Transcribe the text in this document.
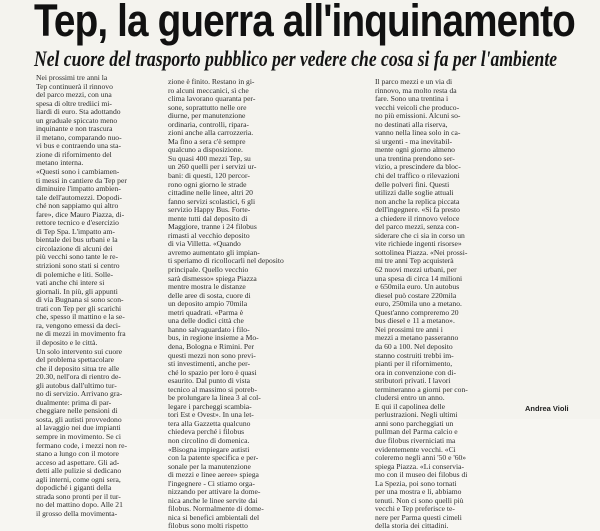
Tep, la guerra all'inquinamento
Nel cuore del trasporto pubblico per vedere che cosa si fa per l'ambiente
Nei prossimi tre anni la
Tep continuerà il rinnovo
del parco mezzi, con una
spesa di oltre trediici mi-
liardi di euro. Sta adottando
un graduale spiccato meno
inquinante e non trascura
il metano, comparando nuo-
vi bus e contraendo una sta-
zione di rifornimento del
metano interna.
«Questi sono i cambiamen-
ti messi in cantiere da Tep per
diminuire l'impatto ambien-
tale dell'automezzi. Dopodi-
ché non sappiamo qui altro
fare», dice Mauro Piazza, di-
rettore tecnico e d'esercizio
di Tep Spa. L'impatto am-
bientale dei bus urbani e la
circolazione di alcuni dei
più vecchi sono tante le re-
strizioni sono stati si centro
di polemiche e liti. Solle-
vati anche chi intere si
giornali. In più, gli appunti
di via Bugnana si sono scon-
trati con Tep per gli scarichi
che, spesso il mattino e la se-
ra, vengono emessi da deci-
ne di mezzi in movimento fra
il deposito e le città.
Un solo intervento sui cuore
del problema spettacolare
che il deposito situa tre alle
20.30, nell'ora di rientro de-
gli autobus dall'ultimo tur-
no di servizio. Arrivano gra-
dualmente: prima di par-
cheggiare nelle pensioni di
sosta, gli autisti provvedono
al lavaggio nei due impianti
sempre in movimento. Se ci
fermano code, i mezzi non re-
stano a lungo con il motore
acceso ad aspettare. Gli ad-
detti alle pulizie si dedicano
agli interni, come ogni sera,
dopodiché i giganti della
strada sono pronti per il tur-
no del mattino dopo. Alle 21
il grosso della movimenta-
zione è finito. Restano in gi-
ro alcuni meccanici, sì che
clima lavorano quaranta per-
sone, soprattutto nelle ore
diurne, per manutenzione
ordinaria, controlli, ripara-
zioni anche alla carrozzeria.
Ma fino a sera c'è sempre
qualcuno a disposizione.
Su quasi 400 mezzi Tep, su
un 260 quelli per i servizi ur-
bani: di questi, 120 percor-
rono ogni giorno le strade
cittadine nelle linee, altri 20
fanno servizi scolastici, 6 gli
servizio Happy Bus. Forte-
mente tutti dal deposito di
Maggiore, tranne i 24 filobus
rimasti al vecchio deposito
di via Villetta. «Quando
avremo aumentato gli impian-
ti speriamo di ricollocarli nel deposito
principale. Quello vecchio
sarà dismesso» spiega Piazza
mentre mostra le distanze
delle aree di sosta, cuore di
un deposito ampio 70mila
metri quadrati. «Parma è
una delle dodici città che
hanno salvaguardato i filo-
bus, in regione insieme a Mo-
dena, Bologna e Rimini. Per
questi mezzi non sono previ-
sti investimenti, anche per-
ché lo spazio per loro è quasi
esaurito. Dal punto di vista
tecnico al massimo si potreb-
be prolungare la linea 3 al col-
legare i parcheggi scambia-
tori Est e Ovest». In una let-
tera alla Gazzetta qualcuno
chiedeva perché i filobus
non circolino di domenica.
«Bisogna impiegare autisti
con la patente specifica e per-
sonale per la manutenzione
di mezzi e linee aeree» spiega
l'ingegnere - Ci stiamo orga-
nizzando per attivare la dome-
nica anche le linee servite dai
filobus. Normalmente di dome-
nica si benefici ambientali del
filobus sono molti rispetto
Il parco mezzi e un via di
rinnovo, ma molto resta da
fare. Sono una trentina i
vecchi veicoli che produco-
no più emissioni. Alcuni so-
no destinati alla riserva,
vanno nella linea solo in ca-
si urgenti - ma inevitabil-
mente ogni giorno almeno
una trentina prendono ser-
vizio, a prescindere da bloc-
chi del traffico o rilevazioni
delle polveri fini. Questi
utilizzi dalle soglie attuali
non anche la replica piccata
dell'ingegnere. «Si fa presto
a chiedere il rinnovo veloce
del parco mezzi, senza con-
siderare che ci sia in corso un
vite richiede ingenti risorse»
sottolinea Piazza. «Nei prossi-
mi tre anni Tep acquisterà
62 nuovi mezzi urbani, per
una spesa di circa 14 milioni
e 650mila euro. Un autobus
diesel può costare 220mila
euro, 250mila uno a metano.
Quest'anno compreremo 20
bus diesel e 11 a metano».
Nei prossimi tre anni i
mezzi a metano passeranno
da 60 a 100. Nel deposito
stanno costruiti trebbi im-
pianti per il rifornimento,
ora in convenzione con di-
stributori privati. I lavori
termineranno a giorni per con-
cludersi entro un anno.
E qui il capolinea delle
perlustrazioni. Negli ultimi
anni sono parcheggiati un
pullman del Parma calcio e
due filobus riverniciati ma
evidentemente vecchi. «Ci
coleremo negli anni '50 e '60»
spiega Piazza. «Li conservia-
mo con il museo dei filobus di
La Spezia, poi sono tornati
per una mostra e li, abbiamo
tenuti. Non ci sono quelli più
vecchi e Tep preferisce te-
nere per Parma questi cimeli
della storia dei cittadini.
Andrea Violi
